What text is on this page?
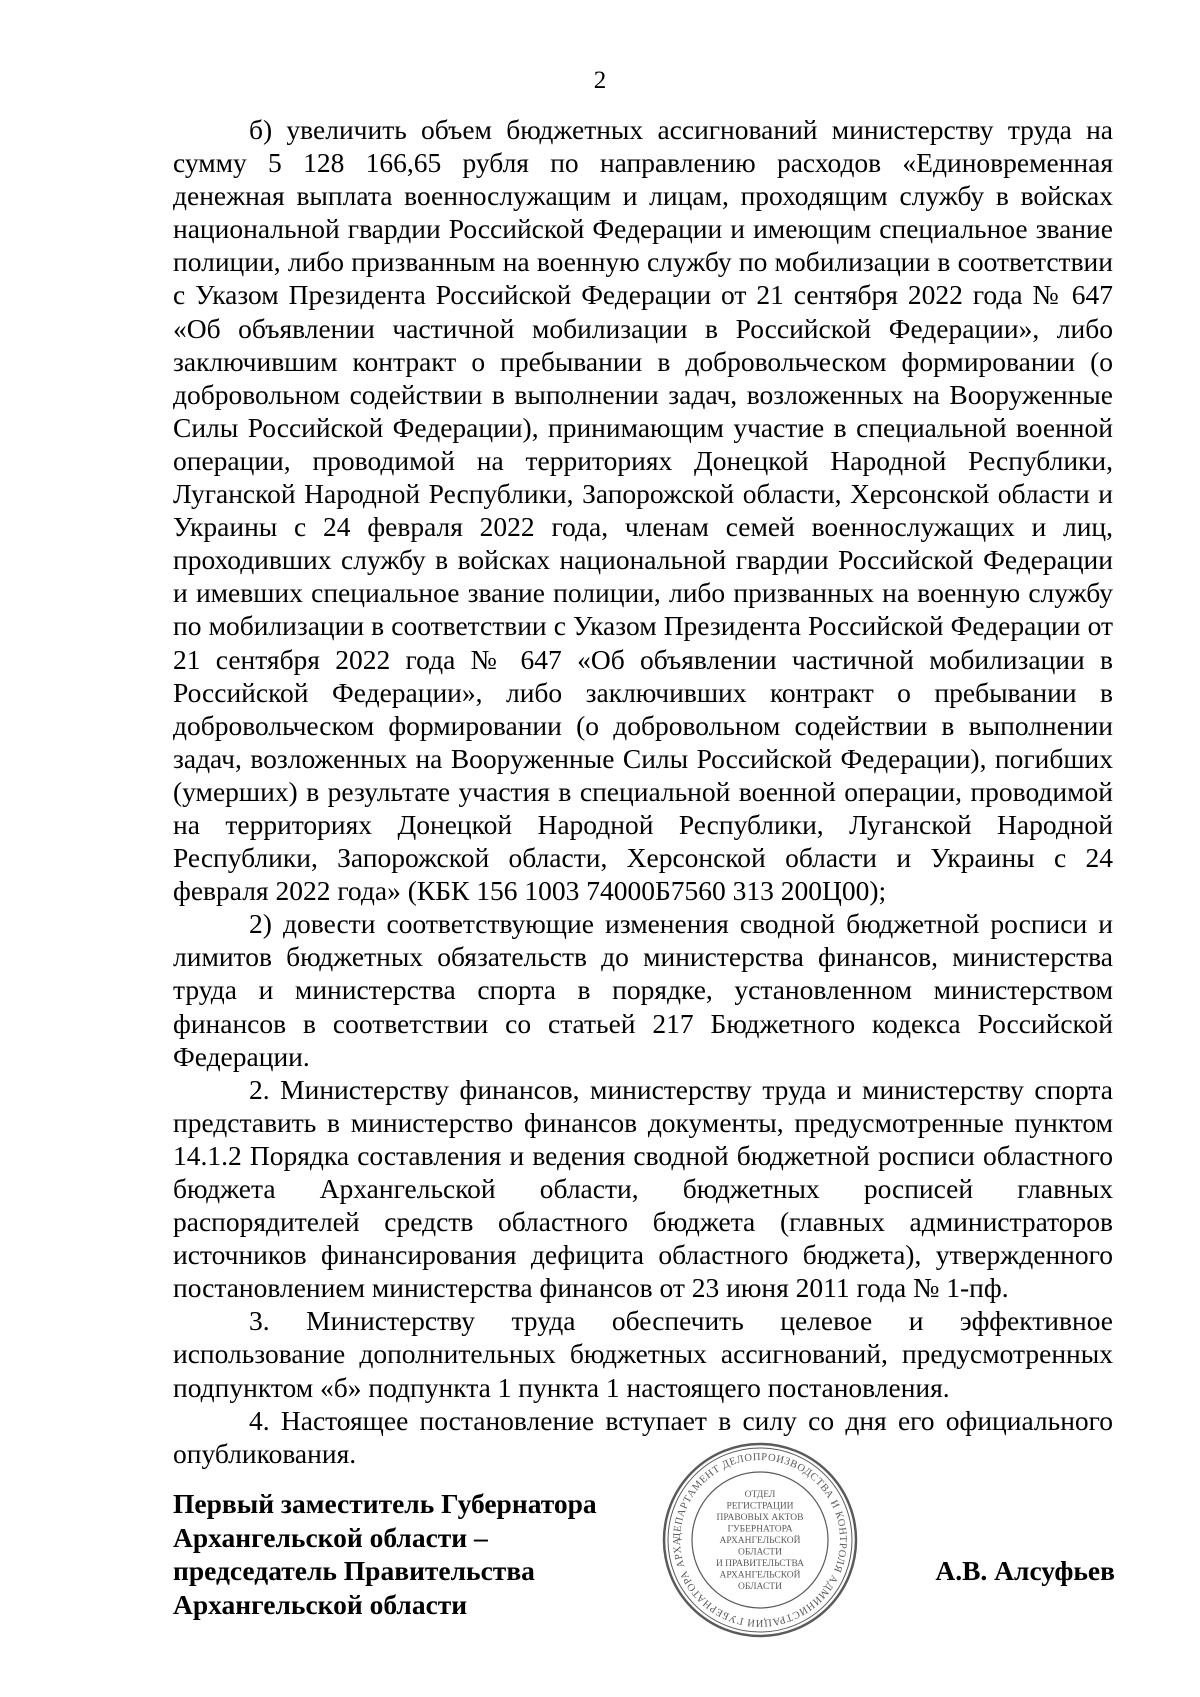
2

б) увеличить объем бюджетных ассигнований министерству труда на сумму 5 128 166,65 рубля по направлению расходов «Единовременная денежная выплата военнослужащим и лицам, проходящим службу в войсках национальной гвардии Российской Федерации и имеющим специальное звание полиции, либо призванным на военную службу по мобилизации в соответствии с Указом Президента Российской Федерации от 21 сентября 2022 года № 647 «Об объявлении частичной мобилизации в Российской Федерации», либо заключившим контракт о пребывании в добровольческом формировании (о добровольном содействии в выполнении задач, возложенных на Вооруженные Силы Российской Федерации), принимающим участие в специальной военной операции, проводимой на территориях Донецкой Народной Республики, Луганской Народной Республики, Запорожской области, Херсонской области и Украины с 24 февраля 2022 года, членам семей военнослужащих и лиц, проходивших службу в войсках национальной гвардии Российской Федерации и имевших специальное звание полиции, либо призванных на военную службу по мобилизации в соответствии с Указом Президента Российской Федерации от 21 сентября 2022 года № 647 «Об объявлении частичной мобилизации в Российской Федерации», либо заключивших контракт о пребывании в добровольческом формировании (о добровольном содействии в выполнении задач, возложенных на Вооруженные Силы Российской Федерации), погибших (умерших) в результате участия в специальной военной операции, проводимой на территориях Донецкой Народной Республики, Луганской Народной Республики, Запорожской области, Херсонской области и Украины с 24 февраля 2022 года» (КБК 156 1003 74000Б7560 313 200Ц00);

2) довести соответствующие изменения сводной бюджетной росписи и лимитов бюджетных обязательств до министерства финансов, министерства труда и министерства спорта в порядке, установленном министерством финансов в соответствии со статьей 217 Бюджетного кодекса Российской Федерации.

2. Министерству финансов, министерству труда и министерству спорта представить в министерство финансов документы, предусмотренные пунктом 14.1.2 Порядка составления и ведения сводной бюджетной росписи областного бюджета Архангельской области, бюджетных росписей главных распорядителей средств областного бюджета (главных администраторов источников финансирования дефицита областного бюджета), утвержденного постановлением министерства финансов от 23 июня 2011 года № 1-пф.

3. Министерству труда обеспечить целевое и эффективное использование дополнительных бюджетных ассигнований, предусмотренных подпунктом «б» подпункта 1 пункта 1 настоящего постановления.

4. Настоящее постановление вступает в силу со дня его официального опубликования.

Первый заместитель Губернатора
Архангельской области –
председатель Правительства
Архангельской области
А.В. Алсуфьев
ДЕПАРТАМЕНТ ДЕЛОПРОИЗВОДСТВА И КОНТРОЛЯ АДМИНИСТРАЦИИ ГУБЕРНАТОРА АРХА
ОТДЕЛ
РЕГИСТРАЦИИ
ПРАВОВЫХ АКТОВ
ГУБЕРНАТОРА
АРХАНГЕЛЬСКОЙ
ОБЛАСТИ
И ПРАВИТЕЛЬСТВА
АРХАНГЕЛЬСКОЙ
ОБЛАСТИ
